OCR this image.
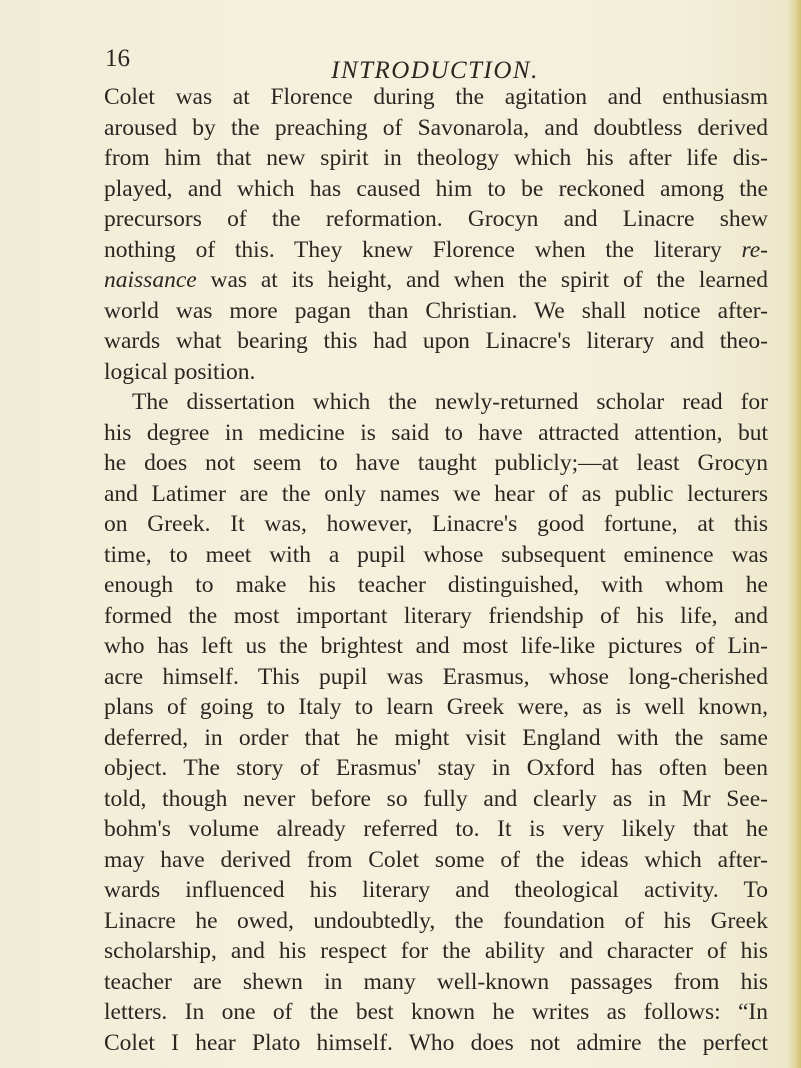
16	INTRODUCTION.
Colet was at Florence during the agitation and enthusiasm
aroused by the preaching of Savonarola, and doubtless derived
from him that new spirit in theology which his after life dis-
played, and which has caused him to be reckoned among the
precursors of the reformation. Grocyn and Linacre shew
nothing of this. They knew Florence when the literary re-
naissance was at its height, and when the spirit of the learned
world was more pagan than Christian. We shall notice after-
wards what bearing this had upon Linacre's literary and theo-
logical position.
The dissertation which the newly-returned scholar read for
his degree in medicine is said to have attracted attention, but
he does not seem to have taught publicly;—at least Grocyn
and Latimer are the only names we hear of as public lecturers
on Greek. It was, however, Linacre's good fortune, at this
time, to meet with a pupil whose subsequent eminence was
enough to make his teacher distinguished, with whom he
formed the most important literary friendship of his life, and
who has left us the brightest and most life-like pictures of Lin-
acre himself. This pupil was Erasmus, whose long-cherished
plans of going to Italy to learn Greek were, as is well known,
deferred, in order that he might visit England with the same
object. The story of Erasmus' stay in Oxford has often been
told, though never before so fully and clearly as in Mr See-
bohm's volume already referred to. It is very likely that he
may have derived from Colet some of the ideas which after-
wards influenced his literary and theological activity. To
Linacre he owed, undoubtedly, the foundation of his Greek
scholarship, and his respect for the ability and character of his
teacher are shewn in many well-known passages from his
letters. In one of the best known he writes as follows: “In
Colet I hear Plato himself. Who does not admire the perfect
